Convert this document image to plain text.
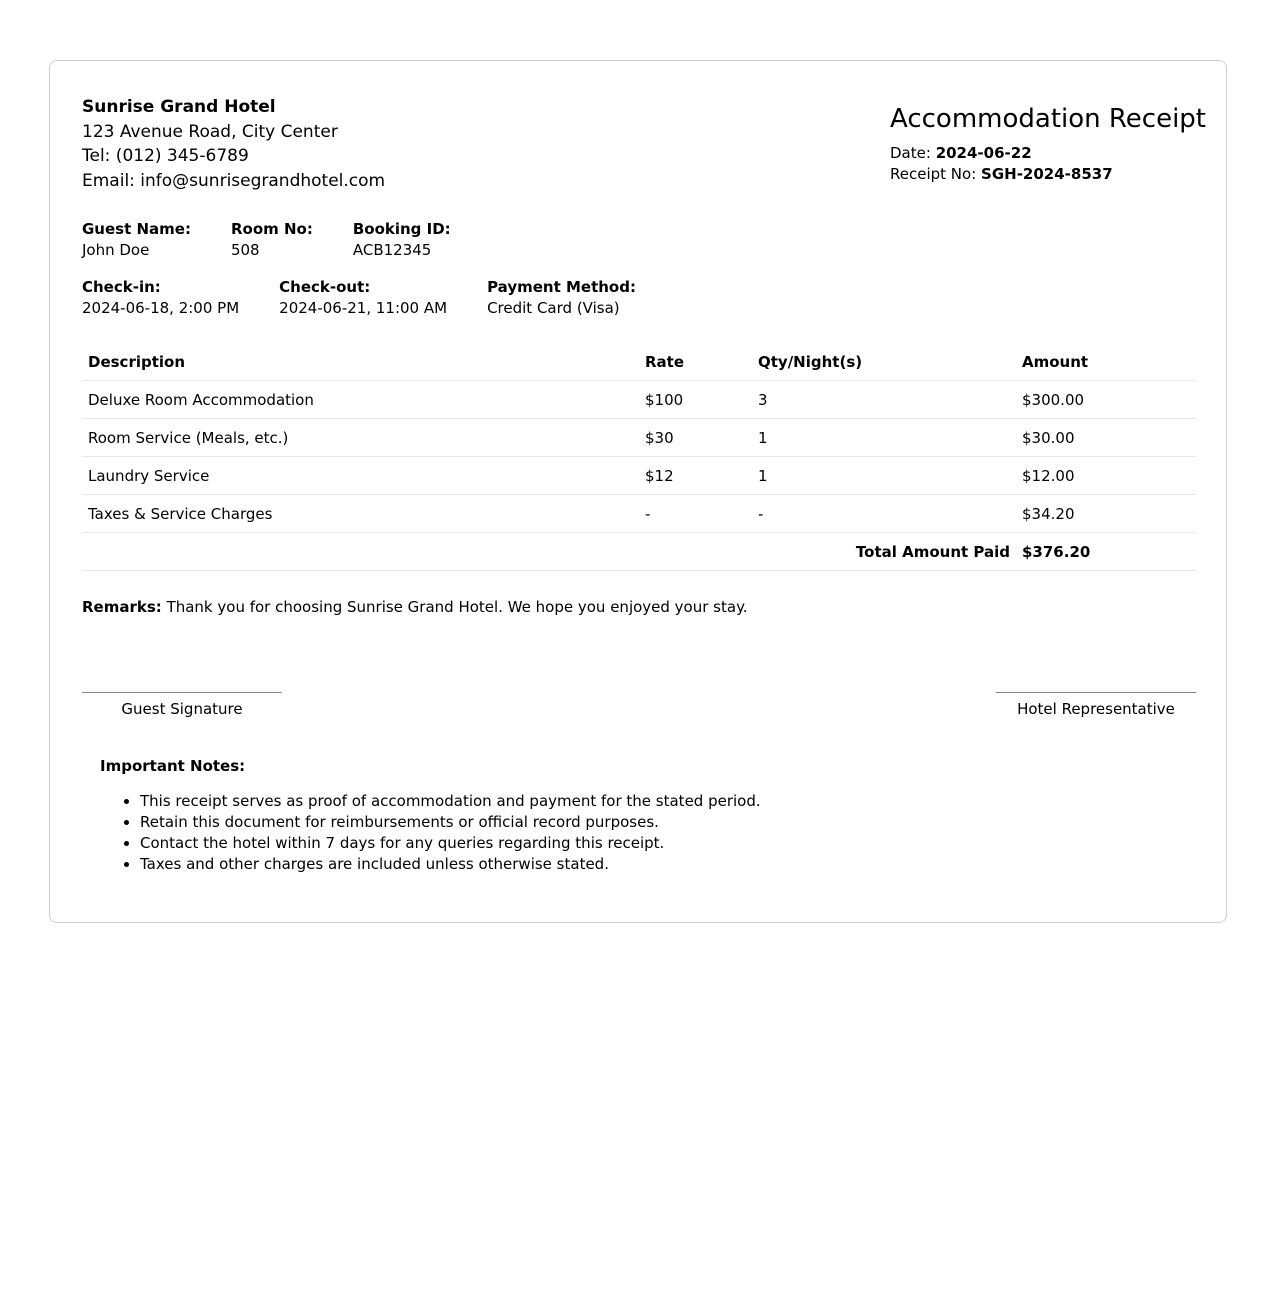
Sunrise Grand Hotel
123 Avenue Road, City Center
Tel: (012) 345-6789
Email: info@sunrisegrandhotel.com
Accommodation Receipt
Date: 2024-06-22
Receipt No: SGH-2024-8537
Guest Name:
John Doe
Room No:
508
Booking ID:
ACB12345
Check-in:
2024-06-18, 2:00 PM
Check-out:
2024-06-21, 11:00 AM
Payment Method:
Credit Card (Visa)
Description	Rate	Qty/Night(s)	Amount
Deluxe Room Accommodation	$100	3	$300.00
Room Service (Meals, etc.)	$30	1	$30.00
Laundry Service	$12	1	$12.00
Taxes & Service Charges	-	-	$34.20
Total Amount Paid			$376.20
Remarks: Thank you for choosing Sunrise Grand Hotel. We hope you enjoyed your stay.
Guest Signature	Hotel Representative
Important Notes:
• This receipt serves as proof of accommodation and payment for the stated period.
• Retain this document for reimbursements or official record purposes.
• Contact the hotel within 7 days for any queries regarding this receipt.
• Taxes and other charges are included unless otherwise stated.
